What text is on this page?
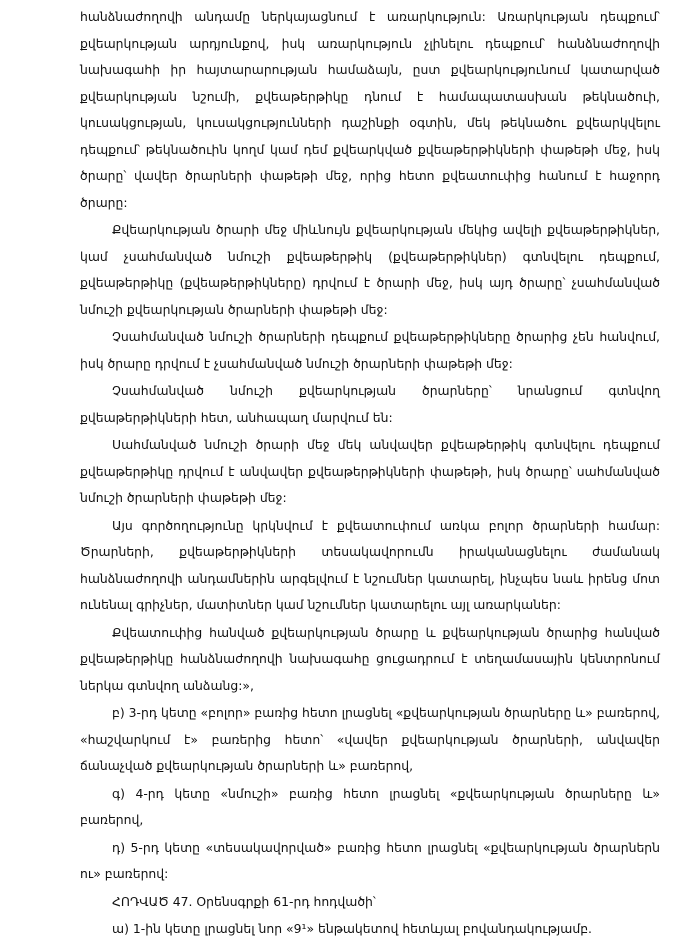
հանձնաժողովի անդամը ներկայացնում է առարկություն: Առարկության դեպքում՝ քվեարկության արդյունքով, իսկ առարկություն չլինելու դեպքում՝ հանձնաժողովի նախագահի իր հայտարարության համաձայն, ըստ քվեարկությունում կատարված քվեարկության նշումի, քվեաթերթիկը դնում է համապատասխան թեկնածուի, կուսակցության, կուսակցությունների դաշինքի օգտին, մեկ թեկնածու քվեարկվելու դեպքում՝ թեկնածուին կողմ կամ դեմ քվեարկված քվեաթերթիկների փաթեթի մեջ, իսկ ծրարը՝ վավեր ծրարների փաթեթի մեջ, որից հետո քվեատուփից հանում է հաջորդ ծրարը:

Քվեարկության ծրարի մեջ միևնույն քվեարկության մեկից ավելի քվեաթերթիկներ, կամ չսահմանված նմուշի քվեաթերթիկ (քվեաթերթիկներ) գտնվելու դեպքում, քվեաթերթիկը (քվեաթերթիկները) դրվում է ծրարի մեջ, իսկ այդ ծրարը՝ չսահմանված նմուշի քվեարկության ծրարների փաթեթի մեջ:

Չսահմանված նմուշի ծրարների դեպքում քվեաթերթիկները ծրարից չեն հանվում, իսկ ծրարը դրվում է չսահմանված նմուշի ծրարների փաթեթի մեջ:

Չսահմանված նմուշի քվեարկության ծրարները՝ նրանցում գտնվող քվեաթերթիկների հետ, անհապաղ մարվում են:

Սահմանված նմուշի ծրարի մեջ մեկ անվավեր քվեաթերթիկ գտնվելու դեպքում քվեաթերթիկը դրվում է անվավեր քվեաթերթիկների փաթեթի, իսկ ծրարը՝ սահմանված նմուշի ծրարների փաթեթի մեջ:

Այս գործողությունը կրկնվում է քվեատուփում առկա բոլոր ծրարների համար: Ծրարների, քվեաթերթիկների տեսակավորումն իրականացնելու ժամանակ հանձնաժողովի անդամներին արգելվում է նշումներ կատարել, ինչպես նաև իրենց մոտ ունենալ գրիչներ, մատիտներ կամ նշումներ կատարելու այլ առարկաներ:

Քվեատուփից հանված քվեարկության ծրարը և քվեարկության ծրարից հանված քվեաթերթիկը հանձնաժողովի նախագահը ցուցադրում է տեղամասային կենտրոնում ներկա գտնվող անձանց:»,

բ) 3-րդ կետը «բոլոր» բառից հետո լրացնել «քվեարկության ծրարները և» բառերով, «հաշվարկում է» բառերից հետո՝ «վավեր քվեարկության ծրարների, անվավեր ճանաչված քվեարկության ծրարների և» բառերով,

գ) 4-րդ կետը «նմուշի» բառից հետո լրացնել «քվեարկության ծրարները և» բառերով,

դ) 5-րդ կետը «տեսակավորված» բառից հետո լրացնել «քվեարկության ծրարներն ու» բառերով:

ՀՈԴՎԱԾ 47. Օրենսգրքի 61-րդ հոդվածի՝

ա) 1-ին կետը լրացնել նոր «9¹» ենթակետով հետևյալ բովանդակությամբ.
